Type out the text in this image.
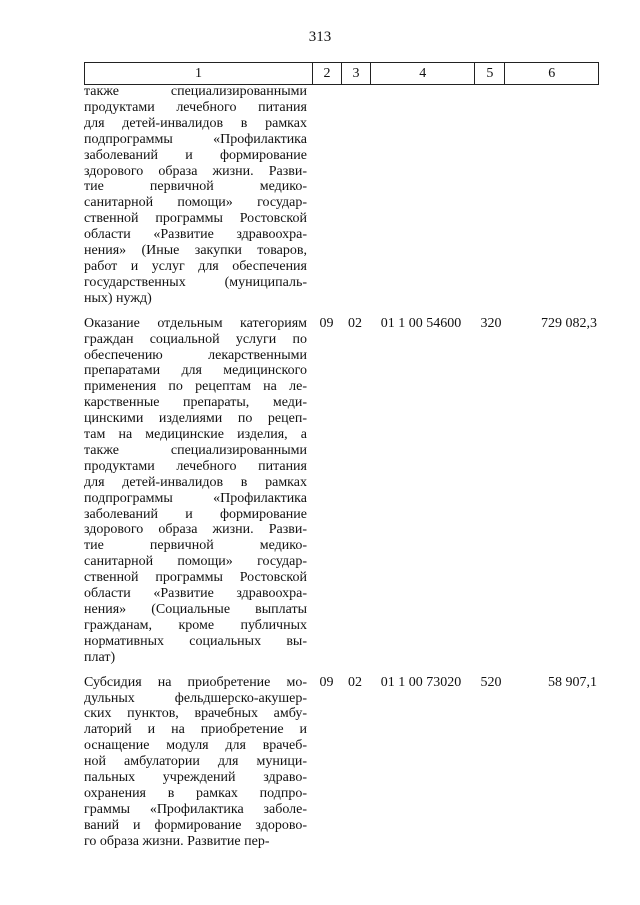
313
1	2	3	4	5	6
также специализированными
продуктами лечебного питания
для детей-инвалидов в рамках
подпрограммы «Профилактика
заболеваний и формирование
здорового образа жизни. Разви-
тие первичной медико-
санитарной помощи» государ-
ственной программы Ростовской
области «Развитие здравоохра-
нения» (Иные закупки товаров,
работ и услуг для обеспечения
государственных (муниципаль-
ных) нужд)
Оказание отдельным категориям
граждан социальной услуги по
обеспечению лекарственными
препаратами для медицинского
применения по рецептам на ле-
карственные препараты, меди-
цинскими изделиями по рецеп-
там на медицинские изделия, а
также специализированными
продуктами лечебного питания
для детей-инвалидов в рамках
подпрограммы «Профилактика
заболеваний и формирование
здорового образа жизни. Разви-
тие первичной медико-
санитарной помощи» государ-
ственной программы Ростовской
области «Развитие здравоохра-
нения» (Социальные выплаты
гражданам, кроме публичных
нормативных социальных вы-
плат)
09	02	01 1 00 54600	320	729 082,3
Субсидия на приобретение мо-
дульных фельдшерско-акушер-
ских пунктов, врачебных амбу-
латорий и на приобретение и
оснащение модуля для врачеб-
ной амбулатории для муници-
пальных учреждений здраво-
охранения в рамках подпро-
граммы «Профилактика заболе-
ваний и формирование здорово-
го образа жизни. Развитие пер-
09	02	01 1 00 73020	520	58 907,1
